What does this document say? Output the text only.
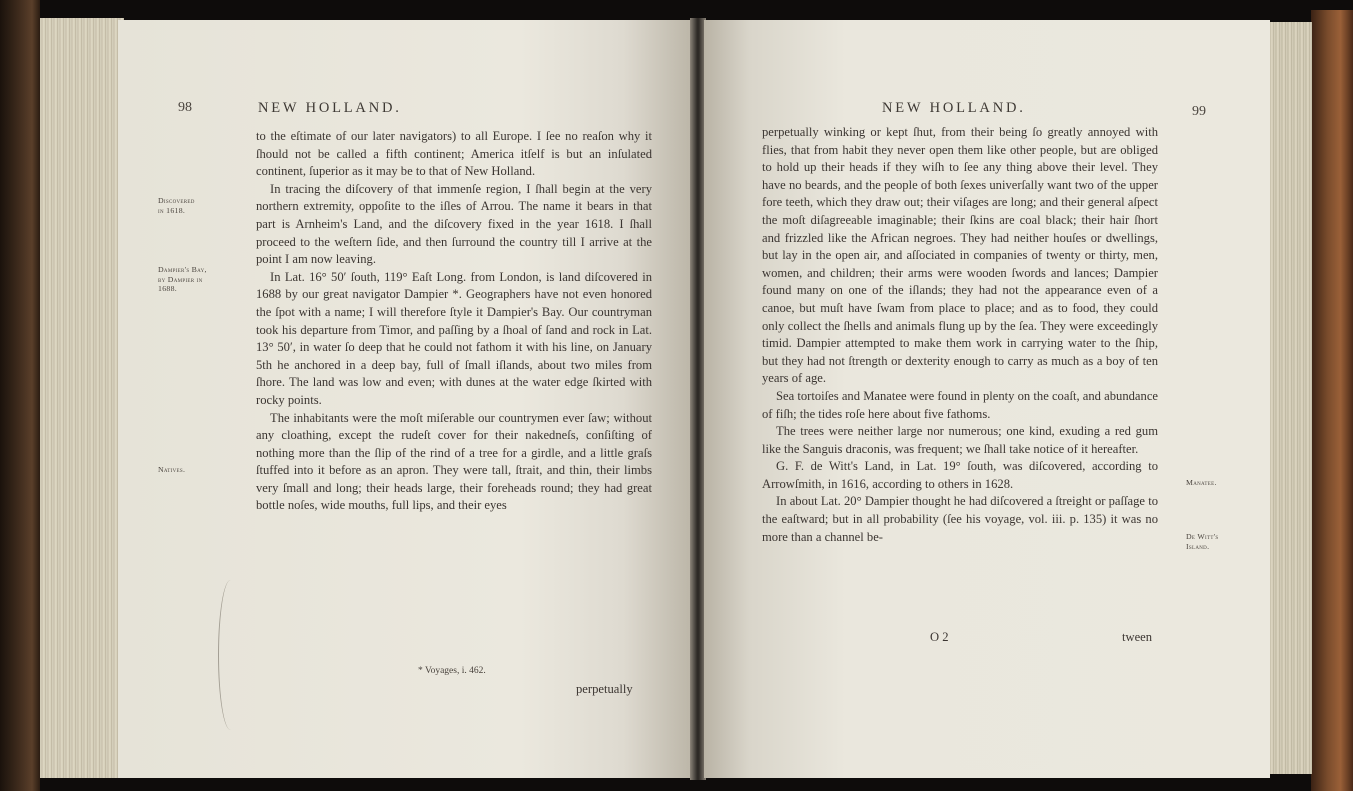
98	NEW HOLLAND.
Discovered
in 1618.
Dampier's Bay,
by Dampier in
1688.
Natives.

to the eſtimate of our later navigators) to all Europe. I ſee no reaſon why it ſhould not be called a fifth continent; America itſelf is but an inſulated continent, ſuperior as it may be to that of New Holland.

In tracing the diſcovery of that immenſe region, I ſhall begin at the very northern extremity, oppoſite to the iſles of Arrou. The name it bears in that part is Arnheim's Land, and the diſcovery fixed in the year 1618. I ſhall proceed to the weſtern ſide, and then ſurround the country till I arrive at the point I am now leaving.

In Lat. 16° 50′ ſouth, 119° Eaſt Long. from London, is land diſcovered in 1688 by our great navigator Dampier *. Geographers have not even honored the ſpot with a name; I will therefore ſtyle it Dampier's Bay. Our countryman took his departure from Timor, and paſſing by a ſhoal of ſand and rock in Lat. 13° 50′, in water ſo deep that he could not fathom it with his line, on January 5th he anchored in a deep bay, full of ſmall iſlands, about two miles from ſhore. The land was low and even; with dunes at the water edge ſkirted with rocky points.

The inhabitants were the moſt miſerable our countrymen ever ſaw; without any cloathing, except the rudeſt cover for their nakedneſs, conſiſting of nothing more than the ſlip of the rind of a tree for a girdle, and a little graſs ſtuffed into it before as an apron. They were tall, ſtrait, and thin, their limbs very ſmall and long; their heads large, their foreheads round; they had great bottle noſes, wide mouths, full lips, and their eyes

* Voyages, i. 462.
perpetually
NEW HOLLAND.	99

perpetually winking or kept ſhut, from their being ſo greatly annoyed with flies, that from habit they never open them like other people, but are obliged to hold up their heads if they wiſh to ſee any thing above their level. They have no beards, and the people of both ſexes univerſally want two of the upper fore teeth, which they draw out; their viſages are long; and their general aſpect the moſt diſagreeable imaginable; their ſkins are coal black; their hair ſhort and frizzled like the African negroes. They had neither houſes or dwellings, but lay in the open air, and aſſociated in companies of twenty or thirty, men, women, and children; their arms were wooden ſwords and lances; Dampier found many on one of the iſlands; they had not the appearance even of a canoe, but muſt have ſwam from place to place; and as to food, they could only collect the ſhells and animals flung up by the ſea. They were exceedingly timid. Dampier attempted to make them work in carrying water to the ſhip, but they had not ſtrength or dexterity enough to carry as much as a boy of ten years of age.

Sea tortoiſes and Manatee were found in plenty on the coaſt, and abundance of fiſh; the tides roſe here about five fathoms.

The trees were neither large nor numerous; one kind, exuding a red gum like the Sanguis draconis, was frequent; we ſhall take notice of it hereafter.

G. F. de Witt's Land, in Lat. 19° ſouth, was diſcovered, according to Arrowſmith, in 1616, according to others in 1628.

In about Lat. 20° Dampier thought he had diſcovered a ſtreight or paſſage to the eaſtward; but in all probability (ſee his voyage, vol. iii. p. 135) it was no more than a channel be-

Manatee.
De Witt's
Island.
O 2	tween
